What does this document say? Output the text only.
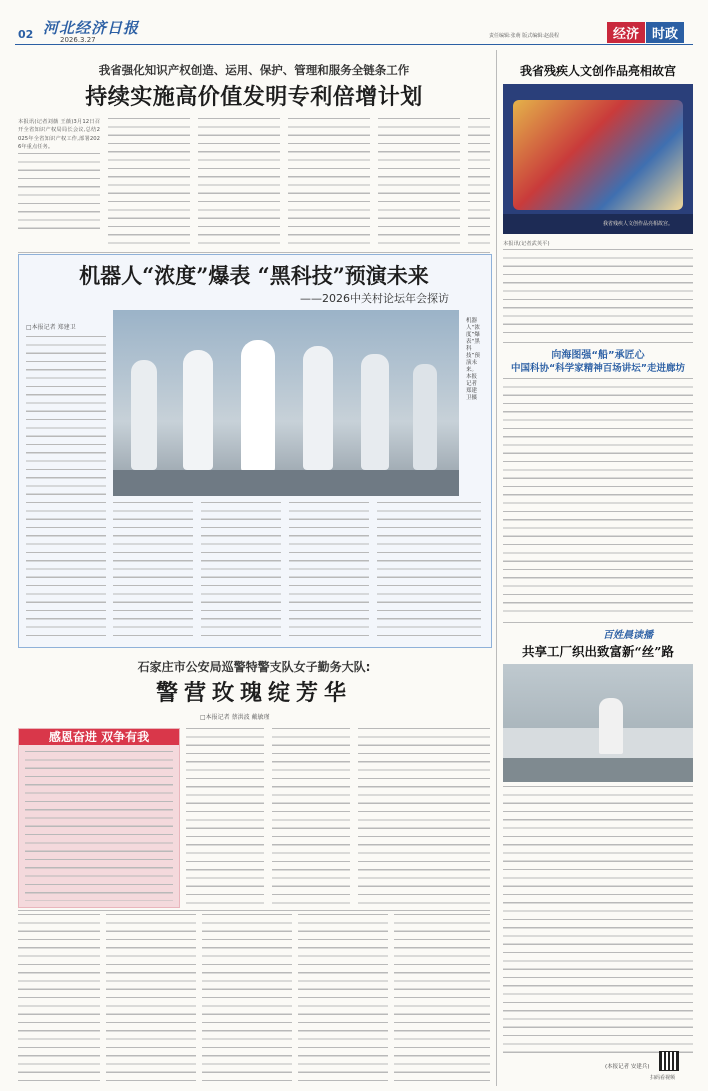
02 河北经济日报
2026.3.27	责任编辑:张萌 版式编辑:赵晨程	经济 时政
我省强化知识产权创造、运用、保护、管理和服务全链条工作
持续实施高价值发明专利倍增计划
本报讯(记者刘薇 王薇)3月12日召开全省知识产权局局长会议,总结2025年全省知识产权工作,部署2026年重点任务。
机器人“浓度”爆表 “黑科技”预演未来
——2026中关村论坛年会探访
□本报记者 郑建卫
机器人“浓度”爆表“黑科技”预演未来。 本报记者 郑建卫摄
石家庄市公安局巡警特警支队女子勤务大队:
警营玫瑰绽芳华
□本报记者 蔡洪波 戴敏瑾
感恩奋进 双争有我
我省残疾人文创作品亮相故宫
我省残疾人文创作品亮相故宫。
本报讯(记者武英平)
向海图强“船”承匠心
中国科协“科学家精神百场讲坛”走进廊坊
百姓晨读播
共享工厂织出致富新“丝”路
(本报记者 安建兵)
扫码看视频
